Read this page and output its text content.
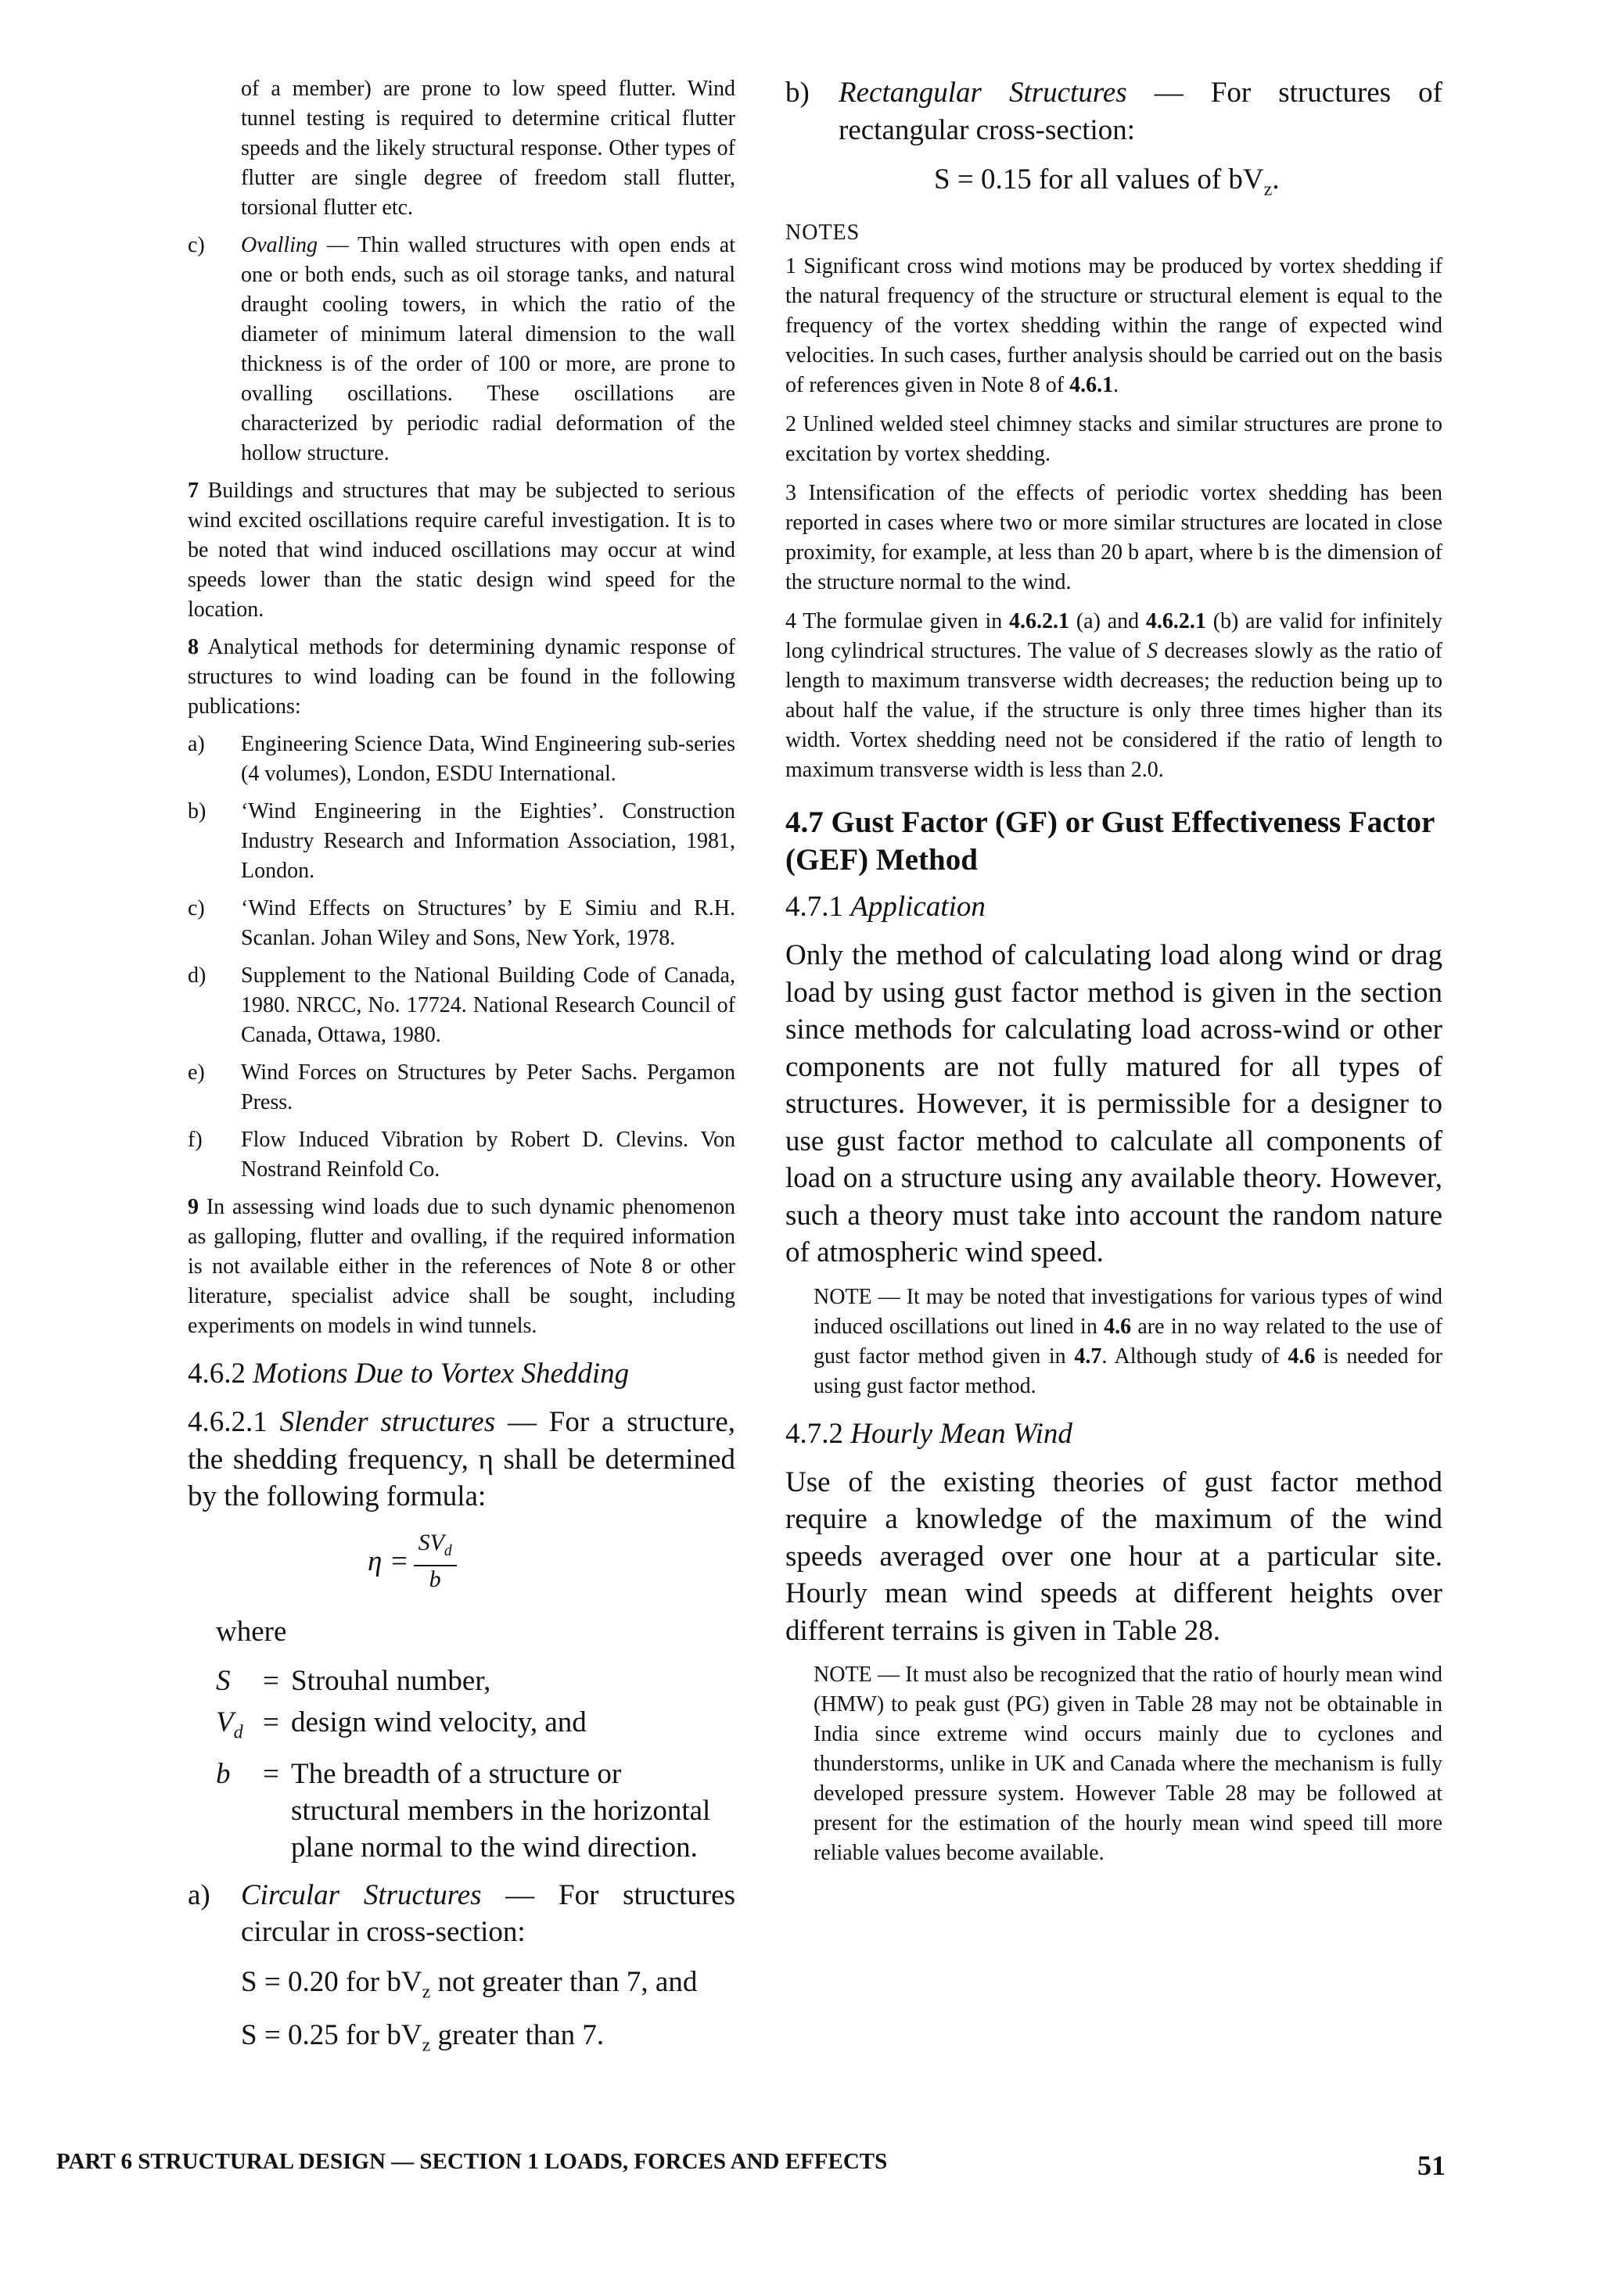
of a member) are prone to low speed flutter. Wind tunnel testing is required to determine critical flutter speeds and the likely structural response. Other types of flutter are single degree of freedom stall flutter, torsional flutter etc.

c) Ovalling — Thin walled structures with open ends at one or both ends, such as oil storage tanks, and natural draught cooling towers, in which the ratio of the diameter of minimum lateral dimension to the wall thickness is of the order of 100 or more, are prone to ovalling oscillations. These oscillations are characterized by periodic radial deformation of the hollow structure.

7 Buildings and structures that may be subjected to serious wind excited oscillations require careful investigation. It is to be noted that wind induced oscillations may occur at wind speeds lower than the static design wind speed for the location.

8 Analytical methods for determining dynamic response of structures to wind loading can be found in the following publications:

a) Engineering Science Data, Wind Engineering sub-series (4 volumes), London, ESDU International.

b) ‘Wind Engineering in the Eighties’. Construction Industry Research and Information Association, 1981, London.

c) ‘Wind Effects on Structures’ by E Simiu and R.H. Scanlan. Johan Wiley and Sons, New York, 1978.

d) Supplement to the National Building Code of Canada, 1980. NRCC, No. 17724. National Research Council of Canada, Ottawa, 1980.

e) Wind Forces on Structures by Peter Sachs. Pergamon Press.

f) Flow Induced Vibration by Robert D. Clevins. Von Nostrand Reinfold Co.

9 In assessing wind loads due to such dynamic phenomenon as galloping, flutter and ovalling, if the required information is not available either in the references of Note 8 or other literature, specialist advice shall be sought, including experiments on models in wind tunnels.

4.6.2 Motions Due to Vortex Shedding

4.6.2.1 Slender structures — For a structure, the shedding frequency, η shall be determined by the following formula:

$\eta = \frac{SV_d}{b}$
where
S	= Strouhal number,
$V_d$ = design wind velocity, and
b	= The breadth of a structure or structural members in the horizontal plane normal to the wind direction.

a) Circular Structures — For structures circular in cross-section:

S = 0.20 for $bV_z$ not greater than 7, and
S = 0.25 for $bV_z$ greater than 7.

b) Rectangular Structures — For structures of rectangular cross-section:

S = 0.15 for all values of $bV_z$.
NOTES

1 Significant cross wind motions may be produced by vortex shedding if the natural frequency of the structure or structural element is equal to the frequency of the vortex shedding within the range of expected wind velocities. In such cases, further analysis should be carried out on the basis of references given in Note 8 of 4.6.1.

2 Unlined welded steel chimney stacks and similar structures are prone to excitation by vortex shedding.

3 Intensification of the effects of periodic vortex shedding has been reported in cases where two or more similar structures are located in close proximity, for example, at less than 20 b apart, where b is the dimension of the structure normal to the wind.

4 The formulae given in 4.6.2.1 (a) and 4.6.2.1 (b) are valid for infinitely long cylindrical structures. The value of S decreases slowly as the ratio of length to maximum transverse width decreases; the reduction being up to about half the value, if the structure is only three times higher than its width. Vortex shedding need not be considered if the ratio of length to maximum transverse width is less than 2.0.

4.7 Gust Factor (GF) or Gust Effectiveness Factor (GEF) Method
4.7.1 Application

Only the method of calculating load along wind or drag load by using gust factor method is given in the section since methods for calculating load across-wind or other components are not fully matured for all types of structures. However, it is permissible for a designer to use gust factor method to calculate all components of load on a structure using any available theory. However, such a theory must take into account the random nature of atmospheric wind speed.

NOTE — It may be noted that investigations for various types of wind induced oscillations out lined in 4.6 are in no way related to the use of gust factor method given in 4.7. Although study of 4.6 is needed for using gust factor method.

4.7.2 Hourly Mean Wind

Use of the existing theories of gust factor method require a knowledge of the maximum of the wind speeds averaged over one hour at a particular site. Hourly mean wind speeds at different heights over different terrains is given in Table 28.

NOTE — It must also be recognized that the ratio of hourly mean wind (HMW) to peak gust (PG) given in Table 28 may not be obtainable in India since extreme wind occurs mainly due to cyclones and thunderstorms, unlike in UK and Canada where the mechanism is fully developed pressure system. However Table 28 may be followed at present for the estimation of the hourly mean wind speed till more reliable values become available.

PART 6 STRUCTURAL DESIGN — SECTION 1 LOADS, FORCES AND EFFECTS	51
